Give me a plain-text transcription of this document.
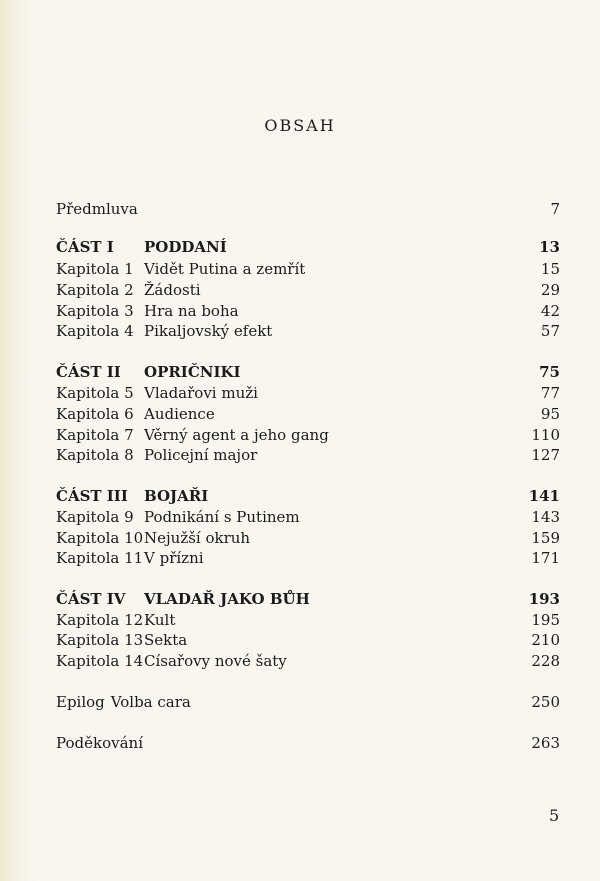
OBSAH
Předmluva	7
ČÁST I PODDANÍ	13
Kapitola 1 Vidět Putina a zemřít	15
Kapitola 2 Žádosti	29
Kapitola 3 Hra na boha	42
Kapitola 4 Pikaljovský efekt	57
ČÁST II OPRIČNIKI	75
Kapitola 5 Vladařovi muži	77
Kapitola 6 Audience	95
Kapitola 7 Věrný agent a jeho gang	110
Kapitola 8 Policejní major	127
ČÁST III BOJAŘI	141
Kapitola 9 Podnikání s Putinem	143
Kapitola 10 Nejužší okruh	159
Kapitola 11 V přízni	171
ČÁST IV VLADAŘ JAKO BŮH	193
Kapitola 12 Kult	195
Kapitola 13 Sekta	210
Kapitola 14 Císařovy nové šaty	228
Epilog Volba cara	250
Poděkování	263
5
